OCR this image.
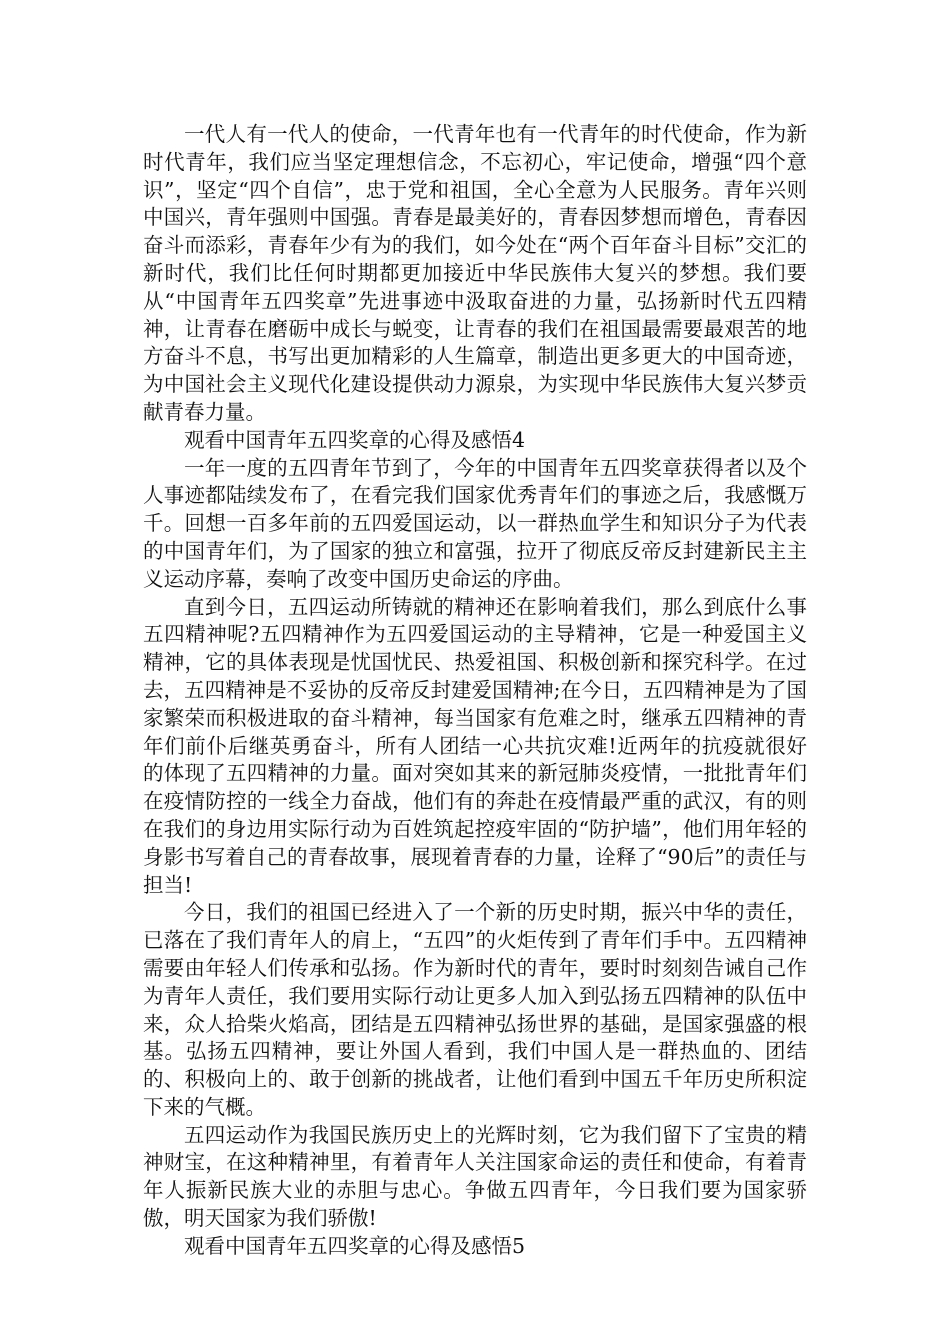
一代人有一代人的使命，一代青年也有一代青年的时代使命，作为新时代青年，我们应当坚定理想信念，不忘初心，牢记使命，增强“四个意识”，坚定“四个自信”，忠于党和祖国，全心全意为人民服务。青年兴则中国兴，青年强则中国强。青春是最美好的，青春因梦想而增色，青春因奋斗而添彩，青春年少有为的我们，如今处在“两个百年奋斗目标”交汇的新时代，我们比任何时期都更加接近中华民族伟大复兴的梦想。我们要从“中国青年五四奖章”先进事迹中汲取奋进的力量，弘扬新时代五四精神，让青春在磨砺中成长与蜕变，让青春的我们在祖国最需要最艰苦的地方奋斗不息，书写出更加精彩的人生篇章，制造出更多更大的中国奇迹，为中国社会主义现代化建设提供动力源泉，为实现中华民族伟大复兴梦贡献青春力量。

观看中国青年五四奖章的心得及感悟4

一年一度的五四青年节到了，今年的中国青年五四奖章获得者以及个人事迹都陆续发布了，在看完我们国家优秀青年们的事迹之后，我感慨万千。回想一百多年前的五四爱国运动，以一群热血学生和知识分子为代表的中国青年们，为了国家的独立和富强，拉开了彻底反帝反封建新民主主义运动序幕，奏响了改变中国历史命运的序曲。

直到今日，五四运动所铸就的精神还在影响着我们，那么到底什么事五四精神呢?五四精神作为五四爱国运动的主导精神，它是一种爱国主义精神，它的具体表现是忧国忧民、热爱祖国、积极创新和探究科学。在过去，五四精神是不妥协的反帝反封建爱国精神;在今日，五四精神是为了国家繁荣而积极进取的奋斗精神，每当国家有危难之时，继承五四精神的青年们前仆后继英勇奋斗，所有人团结一心共抗灾难!近两年的抗疫就很好的体现了五四精神的力量。面对突如其来的新冠肺炎疫情，一批批青年们在疫情防控的一线全力奋战，他们有的奔赴在疫情最严重的武汉，有的则在我们的身边用实际行动为百姓筑起控疫牢固的“防护墙”，他们用年轻的身影书写着自己的青春故事，展现着青春的力量，诠释了“90后”的责任与担当!

今日，我们的祖国已经进入了一个新的历史时期，振兴中华的责任，已落在了我们青年人的肩上，“五四”的火炬传到了青年们手中。五四精神需要由年轻人们传承和弘扬。作为新时代的青年，要时时刻刻告诫自己作为青年人责任，我们要用实际行动让更多人加入到弘扬五四精神的队伍中来，众人拾柴火焰高，团结是五四精神弘扬世界的基础，是国家强盛的根基。弘扬五四精神，要让外国人看到，我们中国人是一群热血的、团结的、积极向上的、敢于创新的挑战者，让他们看到中国五千年历史所积淀下来的气概。

五四运动作为我国民族历史上的光辉时刻，它为我们留下了宝贵的精神财宝，在这种精神里，有着青年人关注国家命运的责任和使命，有着青年人振新民族大业的赤胆与忠心。争做五四青年，今日我们要为国家骄傲，明天国家为我们骄傲!

观看中国青年五四奖章的心得及感悟5
